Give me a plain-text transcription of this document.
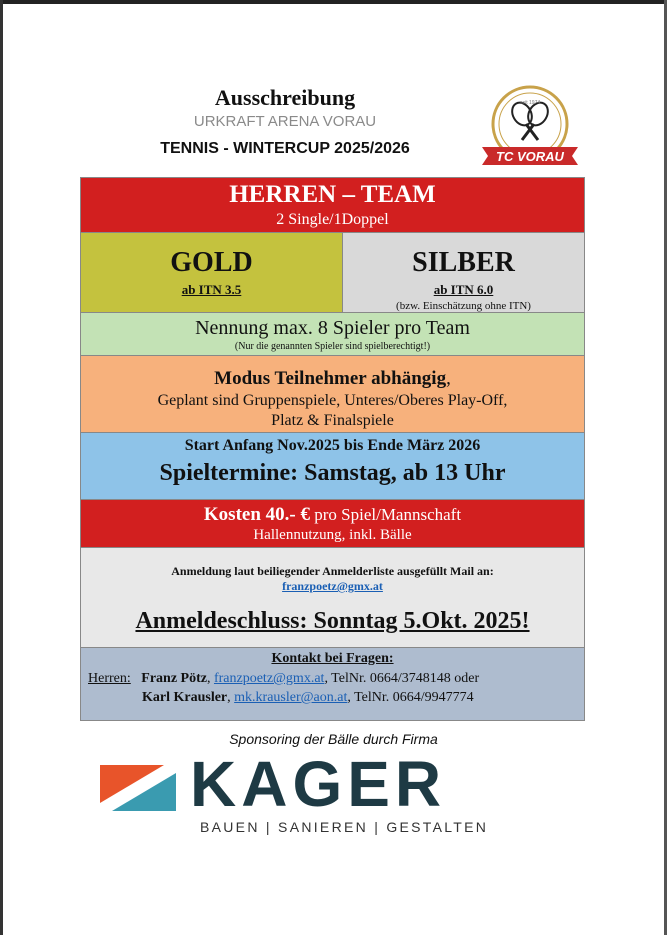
Ausschreibung
URKRAFT ARENA VORAU
TENNIS - WINTERCUP 2025/2026
seit 1974
TC VORAU
HERREN – TEAM
2 Single/1Doppel
GOLD
ab ITN 3.5
SILBER
ab ITN 6.0
(bzw. Einschätzung ohne ITN)
Nennung max. 8 Spieler pro Team
(Nur die genannten Spieler sind spielberechtigt!)
Modus Teilnehmer abhängig,
Geplant sind Gruppenspiele, Unteres/Oberes Play-Off,
Platz & Finalspiele
Start Anfang Nov.2025 bis Ende März 2026
Spieltermine: Samstag, ab 13 Uhr
Kosten 40.- € pro Spiel/Mannschaft
Hallennutzung, inkl. Bälle
Anmeldung laut beiliegender Anmelderliste ausgefüllt Mail an:
franzpoetz@gmx.at
Anmeldeschluss: Sonntag 5.Okt. 2025!
Kontakt bei Fragen:
Herren: Franz Pötz, franzpoetz@gmx.at, TelNr. 0664/3748148 oder
Karl Krausler, mk.krausler@aon.at, TelNr. 0664/9947774
Sponsoring der Bälle durch Firma
KAGER
BAUEN | SANIEREN | GESTALTEN
